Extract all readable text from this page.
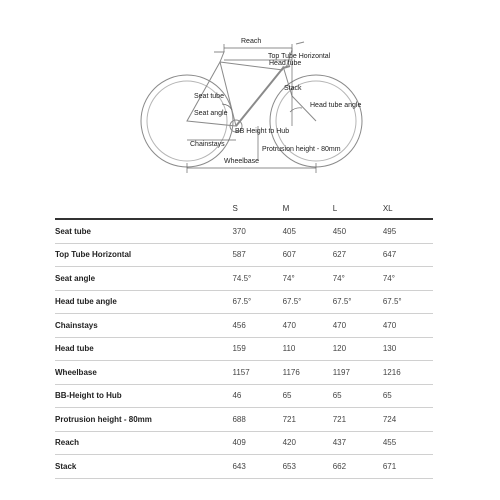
Reach
Top Tube Horizontal
Head tube
Stack
Seat tube
Head tube angle
Seat angle
BB Height to Hub
Chainstays
Protrusion height - 80mm
Wheelbase
	S	M	L	XL
Seat tube	370	405	450	495
Top Tube Horizontal	587	607	627	647
Seat angle	74.5°	74°	74°	74°
Head tube angle	67.5°	67.5°	67.5°	67.5°
Chainstays	456	470	470	470
Head tube	159	110	120	130
Wheelbase	1157	1176	1197	1216
BB-Height to Hub	46	65	65	65
Protrusion height - 80mm	688	721	721	724
Reach	409	420	437	455
Stack	643	653	662	671
